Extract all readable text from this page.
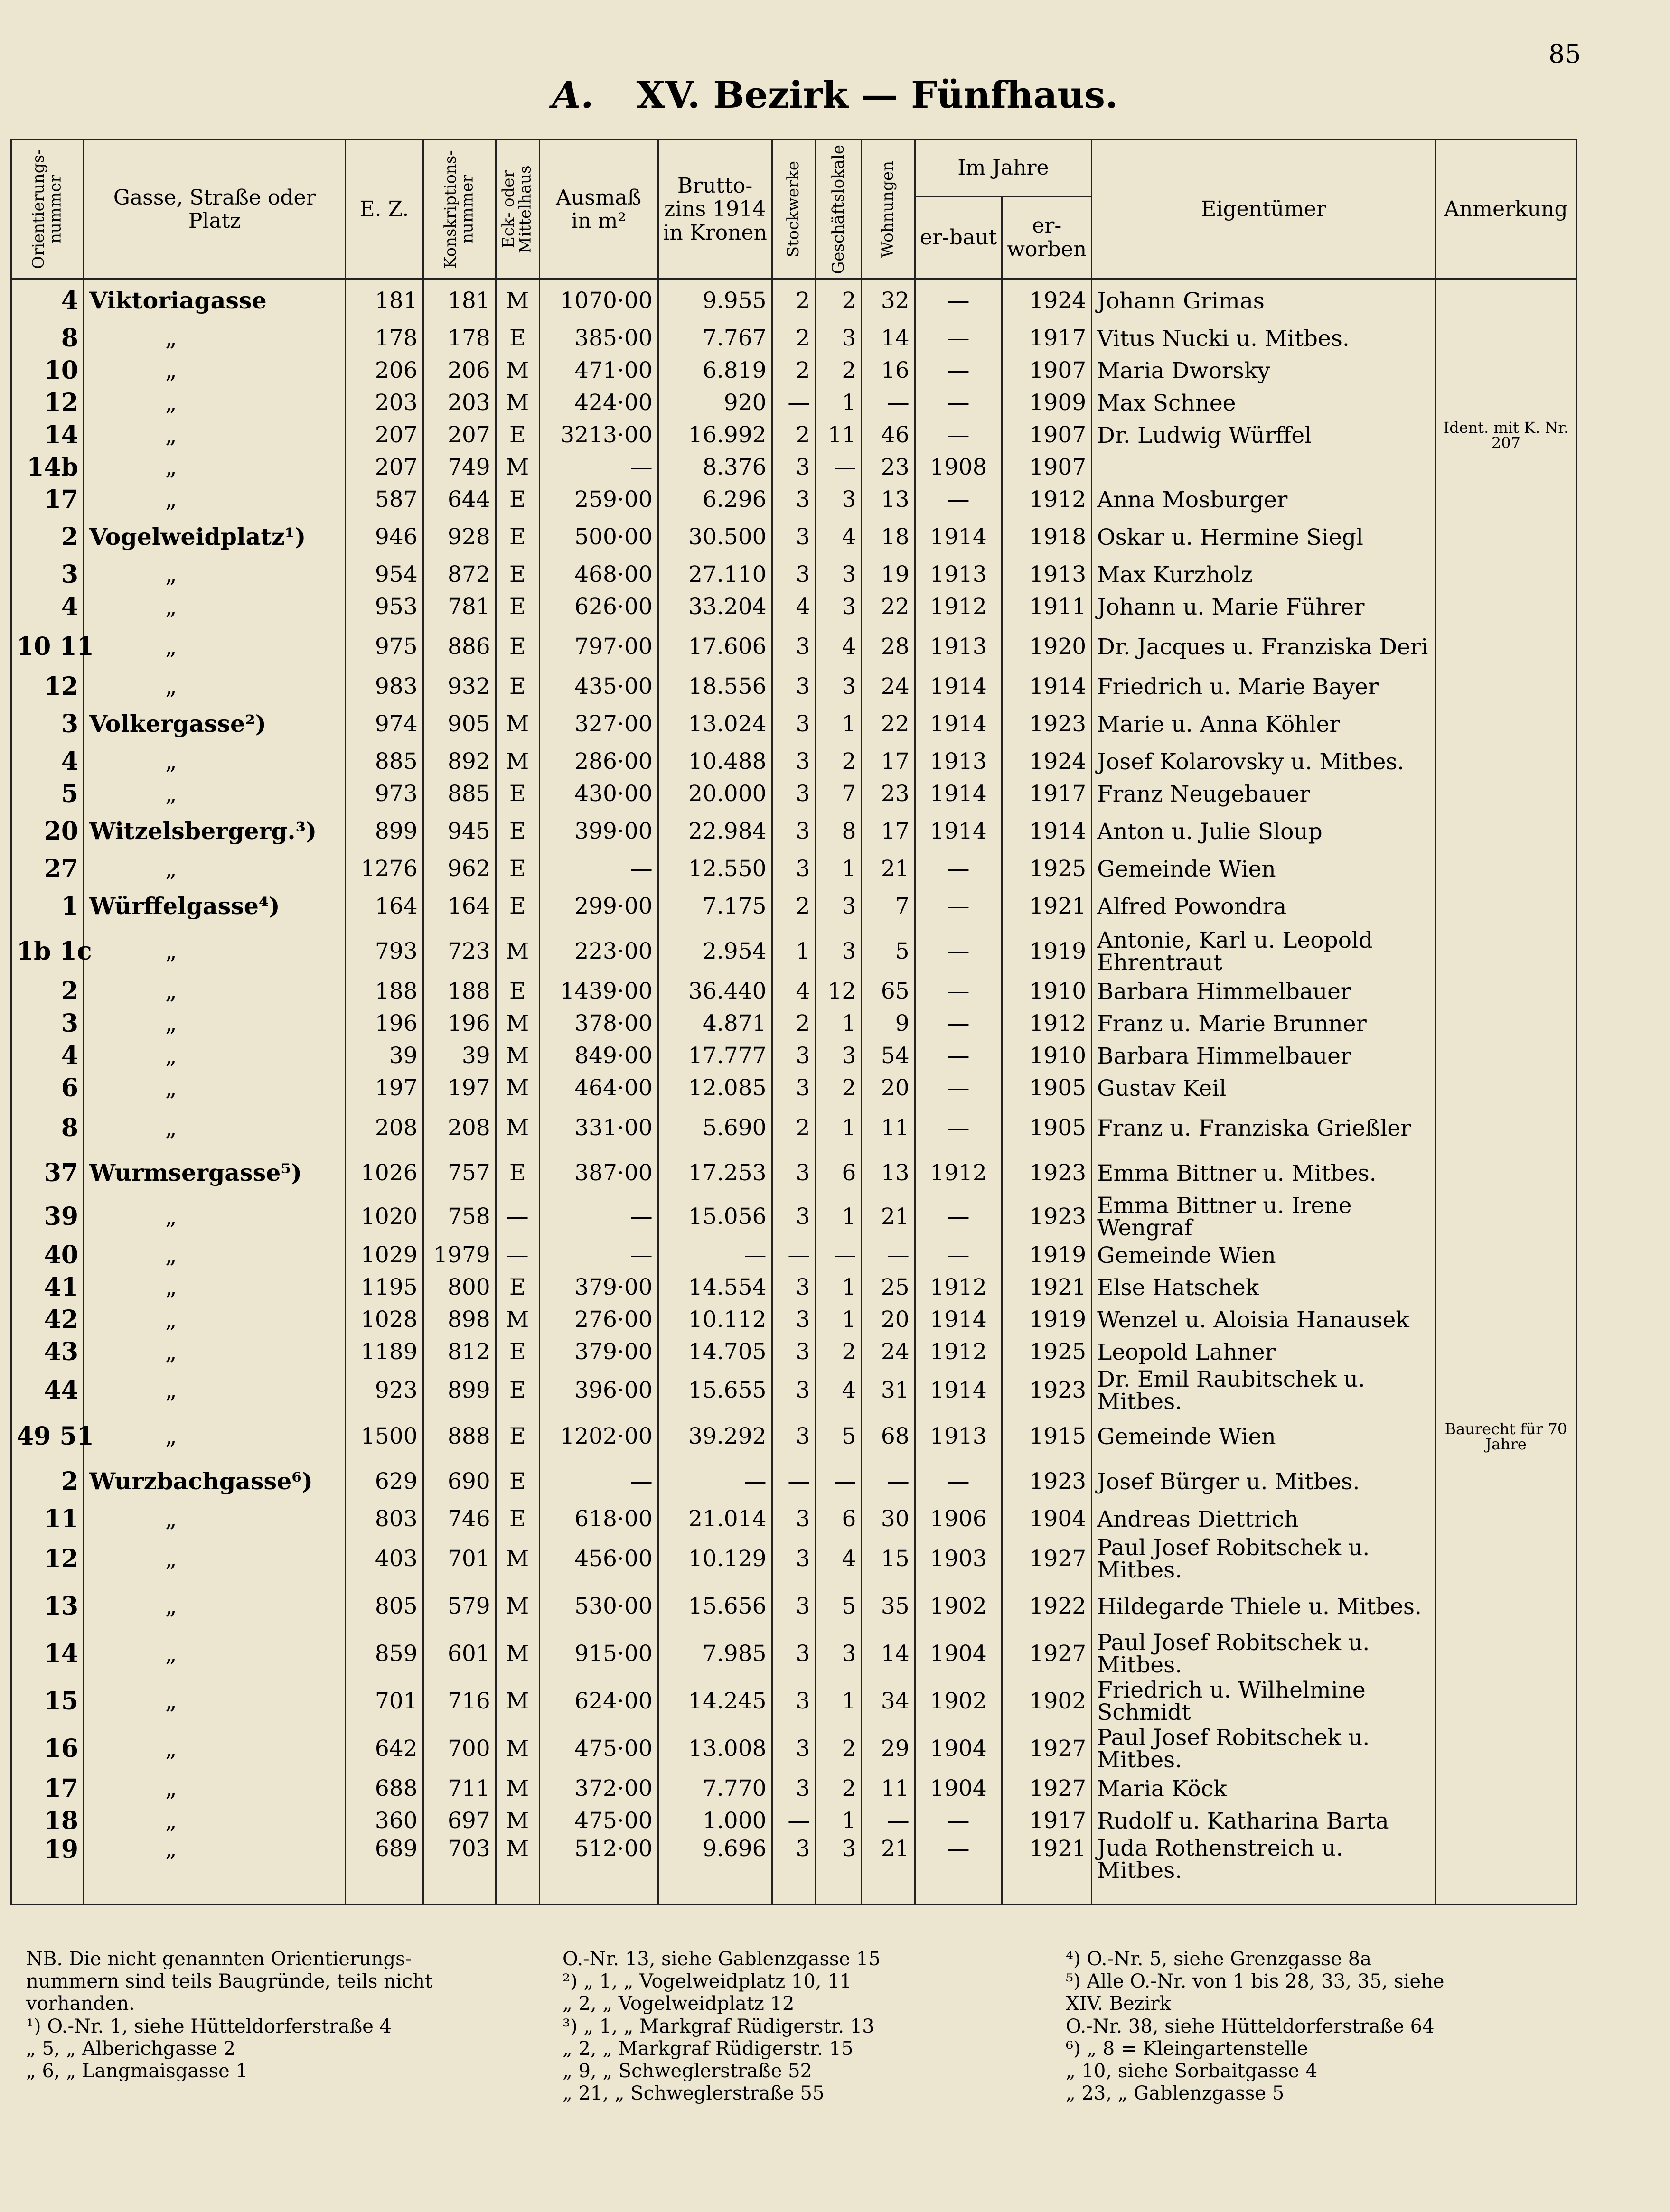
85
A. XV. Bezirk — Fünfhaus.
Orientierungs-nummer	Gasse, Straße oder Platz	E. Z.	Konskriptions-nummer	Eck- oder Mittelhaus	Ausmaß in m²	Brutto-zins 1914 in Kronen	Stockwerke	Geschäftslokale	Wohnungen	Im Jahre		Eigentümer	Anmerkung
										er-baut	er-worben		
4	Viktoriagasse	181	181	M	1070·00	9.955	2	2	32	—	1924	Johann Grimas	
8	„	178	178	E	385·00	7.767	2	3	14	—	1917	Vitus Nucki u. Mitbes.	
10	„	206	206	M	471·00	6.819	2	2	16	—	1907	Maria Dworsky	
12	„	203	203	M	424·00	920	—	1	—	—	1909	Max Schnee	
14	„	207	207	E	3213·00	16.992	2	11	46	—	1907	Dr. Ludwig Würffel	Ident. mit K. Nr. 207
14b	„	207	749	M	—	8.376	3	—	23	1908	1907		
17	„	587	644	E	259·00	6.296	3	3	13	—	1912	Anna Mosburger	
2	Vogelweidplatz¹)	946	928	E	500·00	30.500	3	4	18	1914	1918	Oskar u. Hermine Siegl	
3	„	954	872	E	468·00	27.110	3	3	19	1913	1913	Max Kurzholz	
4	„	953	781	E	626·00	33.204	4	3	22	1912	1911	Johann u. Marie Führer	
10 11	„	975	886	E	797·00	17.606	3	4	28	1913	1920	Dr. Jacques u. Franziska Deri	
12	„	983	932	E	435·00	18.556	3	3	24	1914	1914	Friedrich u. Marie Bayer	
3	Volkergasse²)	974	905	M	327·00	13.024	3	1	22	1914	1923	Marie u. Anna Köhler	
4	„	885	892	M	286·00	10.488	3	2	17	1913	1924	Josef Kolarovsky u. Mitbes.	
5	„	973	885	E	430·00	20.000	3	7	23	1914	1917	Franz Neugebauer	
20	Witzelsbergerg.³)	899	945	E	399·00	22.984	3	8	17	1914	1914	Anton u. Julie Sloup	
27	„	1276	962	E	—	12.550	3	1	21	—	1925	Gemeinde Wien	
1	Würffelgasse⁴)	164	164	E	299·00	7.175	2	3	7	—	1921	Alfred Powondra	
1b 1c	„	793	723	M	223·00	2.954	1	3	5	—	1919	Antonie, Karl u. Leopold Ehrentraut	
2	„	188	188	E	1439·00	36.440	4	12	65	—	1910	Barbara Himmelbauer	
3	„	196	196	M	378·00	4.871	2	1	9	—	1912	Franz u. Marie Brunner	
4	„	39	39	M	849·00	17.777	3	3	54	—	1910	Barbara Himmelbauer	
6	„	197	197	M	464·00	12.085	3	2	20	—	1905	Gustav Keil	
8	„	208	208	M	331·00	5.690	2	1	11	—	1905	Franz u. Franziska Grießler	
37	Wurmsergasse⁵)	1026	757	E	387·00	17.253	3	6	13	1912	1923	Emma Bittner u. Mitbes.	
39	„	1020	758	—	—	15.056	3	1	21	—	1923	Emma Bittner u. Irene Wengraf	
40	„	1029	1979	—	—	—	—	—	—	—	1919	Gemeinde Wien	
41	„	1195	800	E	379·00	14.554	3	1	25	1912	1921	Else Hatschek	
42	„	1028	898	M	276·00	10.112	3	1	20	1914	1919	Wenzel u. Aloisia Hanausek	
43	„	1189	812	E	379·00	14.705	3	2	24	1912	1925	Leopold Lahner	
44	„	923	899	E	396·00	15.655	3	4	31	1914	1923	Dr. Emil Raubitschek u. Mitbes.	
49 51	„	1500	888	E	1202·00	39.292	3	5	68	1913	1915	Gemeinde Wien	Baurecht für 70 Jahre
2	Wurzbachgasse⁶)	629	690	E	—	—	—	—	—	—	1923	Josef Bürger u. Mitbes.	
11	„	803	746	E	618·00	21.014	3	6	30	1906	1904	Andreas Diettrich	
12	„	403	701	M	456·00	10.129	3	4	15	1903	1927	Paul Josef Robitschek u. Mitbes.	
13	„	805	579	M	530·00	15.656	3	5	35	1902	1922	Hildegarde Thiele u. Mitbes.	
14	„	859	601	M	915·00	7.985	3	3	14	1904	1927	Paul Josef Robitschek u. Mitbes.	
15	„	701	716	M	624·00	14.245	3	1	34	1902	1902	Friedrich u. Wilhelmine Schmidt	
16	„	642	700	M	475·00	13.008	3	2	29	1904	1927	Paul Josef Robitschek u. Mitbes.	
17	„	688	711	M	372·00	7.770	3	2	11	1904	1927	Maria Köck	
18	„	360	697	M	475·00	1.000	—	1	—	—	1917	Rudolf u. Katharina Barta	
19	„	689	703	M	512·00	9.696	3	3	21	—	1921	Juda Rothenstreich u. Mitbes.	
NB. Die nicht genannten Orientierungs-
nummern sind teils Baugründe, teils nicht
vorhanden.
¹) O.-Nr. 1, siehe Hütteldorferstraße 4
„ 5, „ Alberichgasse 2
„ 6, „ Langmaisgasse 1
O.-Nr. 13, siehe Gablenzgasse 15
²) „ 1, „ Vogelweidplatz 10, 11
„ 2, „ Vogelweidplatz 12
³) „ 1, „ Markgraf Rüdigerstr. 13
„ 2, „ Markgraf Rüdigerstr. 15
„ 9, „ Schweglerstraße 52
„ 21, „ Schweglerstraße 55
⁴) O.-Nr. 5, siehe Grenzgasse 8a
⁵) Alle O.-Nr. von 1 bis 28, 33, 35, siehe
XIV. Bezirk
O.-Nr. 38, siehe Hütteldorferstraße 64
⁶) „ 8 = Kleingartenstelle
„ 10, siehe Sorbaitgasse 4
„ 23, „ Gablenzgasse 5
